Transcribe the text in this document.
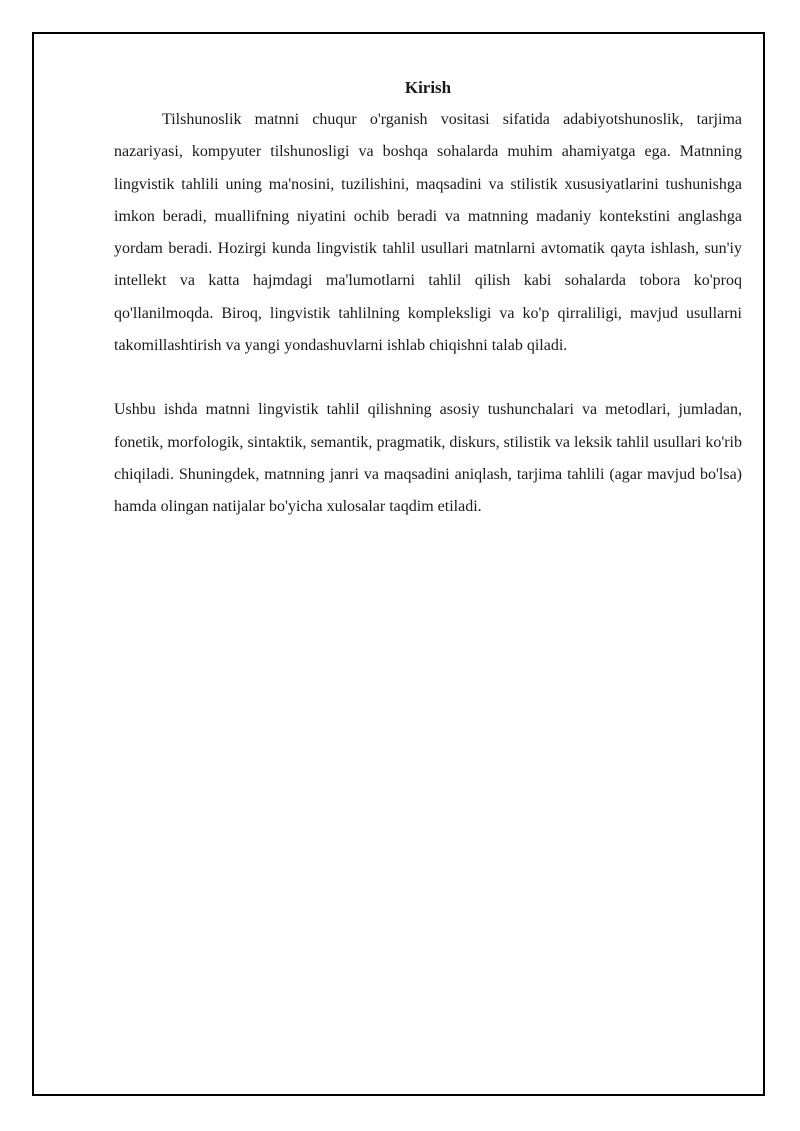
Kirish

Tilshunoslik matnni chuqur o'rganish vositasi sifatida adabiyotshunoslik, tarjima nazariyasi, kompyuter tilshunosligi va boshqa sohalarda muhim ahamiyatga ega. Matnning lingvistik tahlili uning ma'nosini, tuzilishini, maqsadini va stilistik xususiyatlarini tushunishga imkon beradi, muallifning niyatini ochib beradi va matnning madaniy kontekstini anglashga yordam beradi. Hozirgi kunda lingvistik tahlil usullari matnlarni avtomatik qayta ishlash, sun'iy intellekt va katta hajmdagi ma'lumotlarni tahlil qilish kabi sohalarda tobora ko'proq qo'llanilmoqda. Biroq, lingvistik tahlilning kompleksligi va ko'p qirraliligi, mavjud usullarni takomillashtirish va yangi yondashuvlarni ishlab chiqishni talab qiladi.

Ushbu ishda matnni lingvistik tahlil qilishning asosiy tushunchalari va metodlari, jumladan, fonetik, morfologik, sintaktik, semantik, pragmatik, diskurs, stilistik va leksik tahlil usullari ko'rib chiqiladi. Shuningdek, matnning janri va maqsadini aniqlash, tarjima tahlili (agar mavjud bo'lsa) hamda olingan natijalar bo'yicha xulosalar taqdim etiladi.
